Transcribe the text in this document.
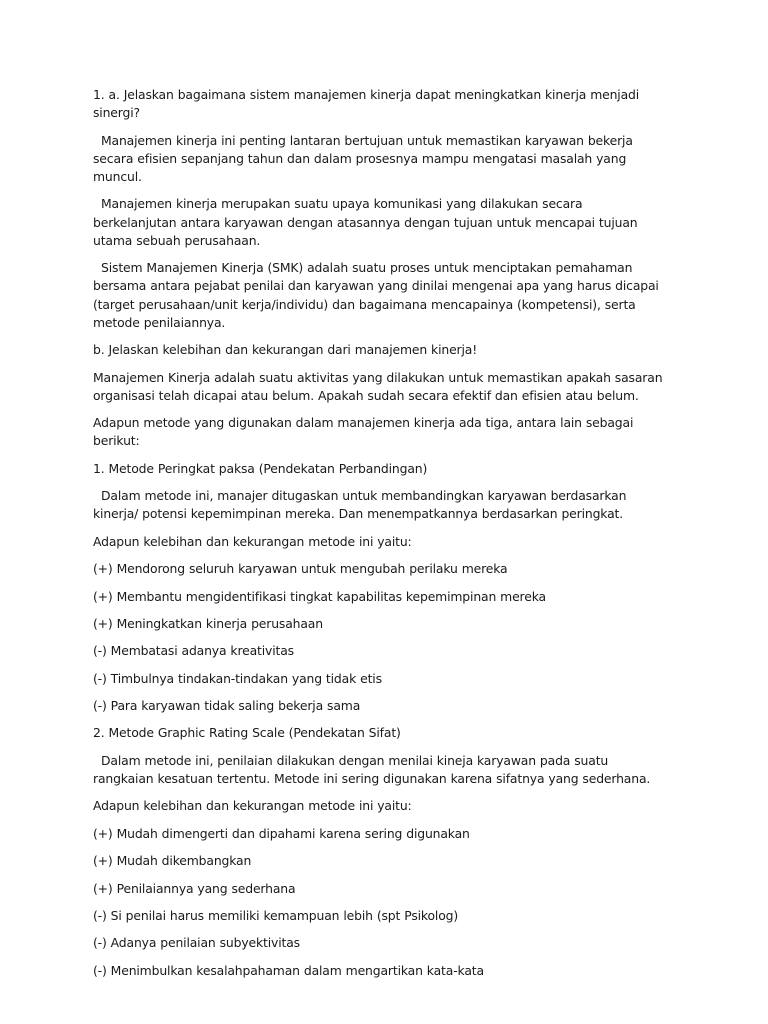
1. a. Jelaskan bagaimana sistem manajemen kinerja dapat meningkatkan kinerja menjadi sinergi?

Manajemen kinerja ini penting lantaran bertujuan untuk memastikan karyawan bekerja secara efisien sepanjang tahun dan dalam prosesnya mampu mengatasi masalah yang muncul.

Manajemen kinerja merupakan suatu upaya komunikasi yang dilakukan secara berkelanjutan antara karyawan dengan atasannya dengan tujuan untuk mencapai tujuan utama sebuah perusahaan.

Sistem Manajemen Kinerja (SMK) adalah suatu proses untuk menciptakan pemahaman bersama antara pejabat penilai dan karyawan yang dinilai mengenai apa yang harus dicapai (target perusahaan/unit kerja/individu) dan bagaimana mencapainya (kompetensi), serta metode penilaiannya.

b. Jelaskan kelebihan dan kekurangan dari manajemen kinerja!

Manajemen Kinerja adalah suatu aktivitas yang dilakukan untuk memastikan apakah sasaran organisasi telah dicapai atau belum. Apakah sudah secara efektif dan efisien atau belum.

Adapun metode yang digunakan dalam manajemen kinerja ada tiga, antara lain sebagai berikut:

1. Metode Peringkat paksa (Pendekatan Perbandingan)

Dalam metode ini, manajer ditugaskan untuk membandingkan karyawan berdasarkan kinerja/ potensi kepemimpinan mereka. Dan menempatkannya berdasarkan peringkat.

Adapun kelebihan dan kekurangan metode ini yaitu:

(+) Mendorong seluruh karyawan untuk mengubah perilaku mereka

(+) Membantu mengidentifikasi tingkat kapabilitas kepemimpinan mereka

(+) Meningkatkan kinerja perusahaan

(-) Membatasi adanya kreativitas

(-) Timbulnya tindakan-tindakan yang tidak etis

(-) Para karyawan tidak saling bekerja sama

2. Metode Graphic Rating Scale (Pendekatan Sifat)

Dalam metode ini, penilaian dilakukan dengan menilai kineja karyawan pada suatu rangkaian kesatuan tertentu. Metode ini sering digunakan karena sifatnya yang sederhana.

Adapun kelebihan dan kekurangan metode ini yaitu:

(+) Mudah dimengerti dan dipahami karena sering digunakan

(+) Mudah dikembangkan

(+) Penilaiannya yang sederhana

(-) Si penilai harus memiliki kemampuan lebih (spt Psikolog)

(-) Adanya penilaian subyektivitas

(-) Menimbulkan kesalahpahaman dalam mengartikan kata-kata
